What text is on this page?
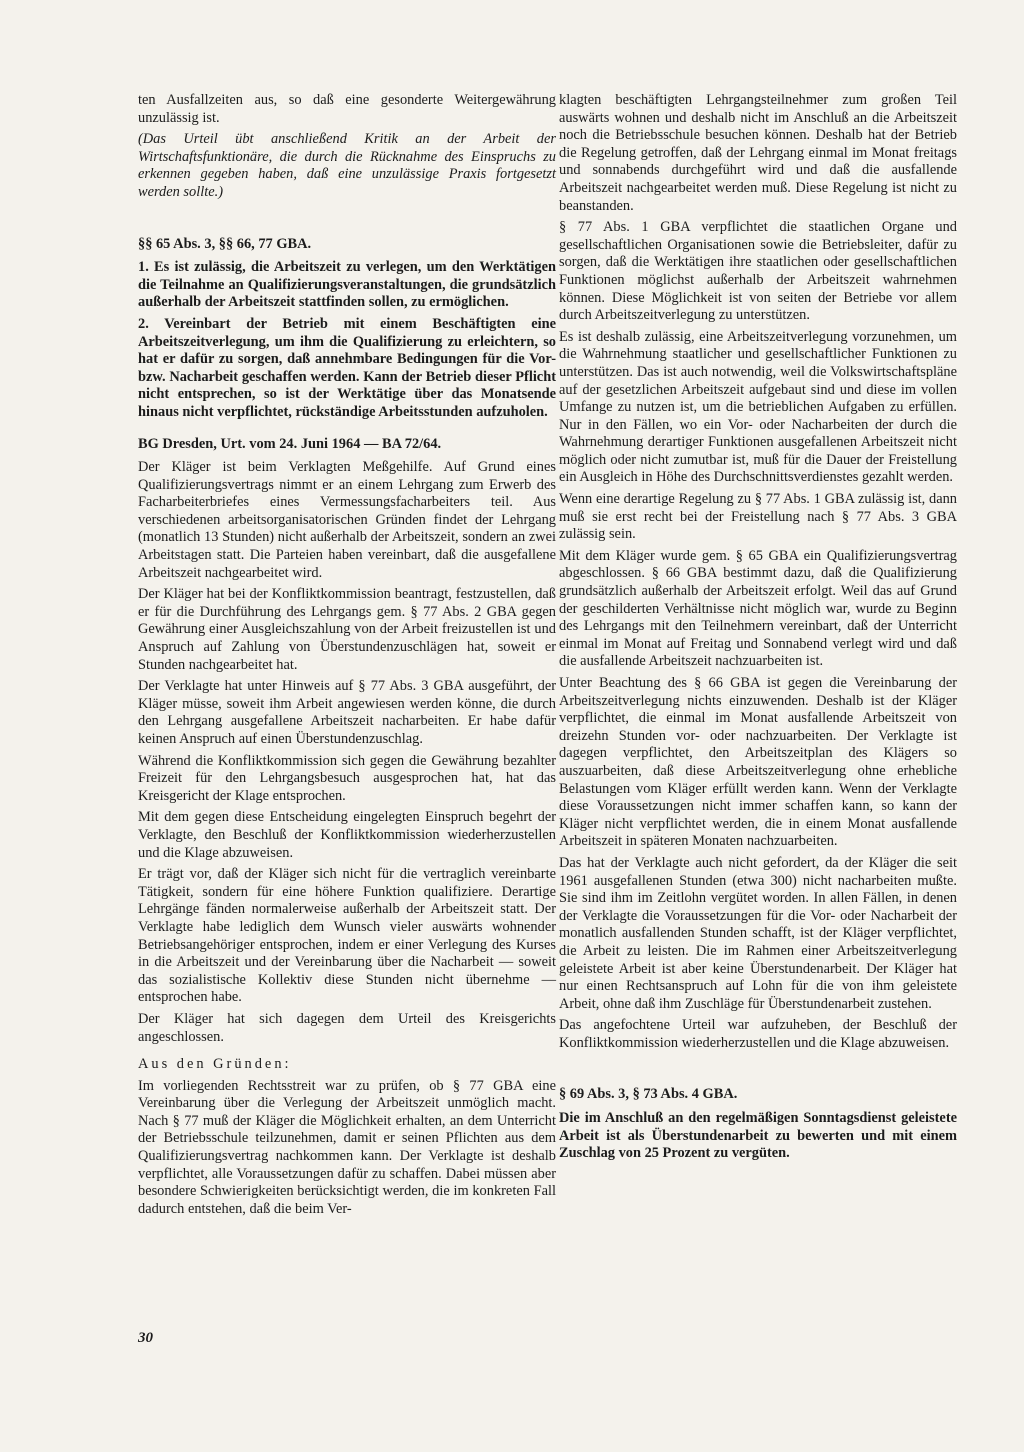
ten Ausfallzeiten aus, so daß eine gesonderte Weitergewährung unzulässig ist.

(Das Urteil übt anschließend Kritik an der Arbeit der Wirtschaftsfunktionäre, die durch die Rücknahme des Einspruchs zu erkennen gegeben haben, daß eine unzulässige Praxis fortgesetzt werden sollte.)

§§ 65 Abs. 3, §§ 66, 77 GBA.

1. Es ist zulässig, die Arbeitszeit zu verlegen, um den Werktätigen die Teilnahme an Qualifizierungsveranstaltungen, die grundsätzlich außerhalb der Arbeitszeit stattfinden sollen, zu ermöglichen.

2. Vereinbart der Betrieb mit einem Beschäftigten eine Arbeitszeitverlegung, um ihm die Qualifizierung zu erleichtern, so hat er dafür zu sorgen, daß annehmbare Bedingungen für die Vor- bzw. Nacharbeit geschaffen werden. Kann der Betrieb dieser Pflicht nicht entsprechen, so ist der Werktätige über das Monatsende hinaus nicht verpflichtet, rückständige Arbeitsstunden aufzuholen.

BG Dresden, Urt. vom 24. Juni 1964 — BA 72/64.

Der Kläger ist beim Verklagten Meßgehilfe. Auf Grund eines Qualifizierungsvertrags nimmt er an einem Lehrgang zum Erwerb des Facharbeiterbriefes eines Vermessungsfacharbeiters teil. Aus verschiedenen arbeitsorganisatorischen Gründen findet der Lehrgang (monatlich 13 Stunden) nicht außerhalb der Arbeitszeit, sondern an zwei Arbeitstagen statt. Die Parteien haben vereinbart, daß die ausgefallene Arbeitszeit nachgearbeitet wird.

Der Kläger hat bei der Konfliktkommission beantragt, festzustellen, daß er für die Durchführung des Lehrgangs gem. § 77 Abs. 2 GBA gegen Gewährung einer Ausgleichszahlung von der Arbeit freizustellen ist und Anspruch auf Zahlung von Überstundenzuschlägen hat, soweit er Stunden nachgearbeitet hat.

Der Verklagte hat unter Hinweis auf § 77 Abs. 3 GBA ausgeführt, der Kläger müsse, soweit ihm Arbeit angewiesen werden könne, die durch den Lehrgang ausgefallene Arbeitszeit nacharbeiten. Er habe dafür keinen Anspruch auf einen Überstundenzuschlag.

Während die Konfliktkommission sich gegen die Gewährung bezahlter Freizeit für den Lehrgangsbesuch ausgesprochen hat, hat das Kreisgericht der Klage entsprochen.

Mit dem gegen diese Entscheidung eingelegten Einspruch begehrt der Verklagte, den Beschluß der Konfliktkommission wiederherzustellen und die Klage abzuweisen.

Er trägt vor, daß der Kläger sich nicht für die vertraglich vereinbarte Tätigkeit, sondern für eine höhere Funktion qualifiziere. Derartige Lehrgänge fänden normalerweise außerhalb der Arbeitszeit statt. Der Verklagte habe lediglich dem Wunsch vieler auswärts wohnender Betriebsangehöriger entsprochen, indem er einer Verlegung des Kurses in die Arbeitszeit und der Vereinbarung über die Nacharbeit — soweit das sozialistische Kollektiv diese Stunden nicht übernehme — entsprochen habe.

Der Kläger hat sich dagegen dem Urteil des Kreisgerichts angeschlossen.

Aus den Gründen:

Im vorliegenden Rechtsstreit war zu prüfen, ob § 77 GBA eine Vereinbarung über die Verlegung der Arbeitszeit unmöglich macht. Nach § 77 muß der Kläger die Möglichkeit erhalten, an dem Unterricht der Betriebsschule teilzunehmen, damit er seinen Pflichten aus dem Qualifizierungsvertrag nachkommen kann. Der Verklagte ist deshalb verpflichtet, alle Voraussetzungen dafür zu schaffen. Dabei müssen aber besondere Schwierigkeiten berücksichtigt werden, die im konkreten Fall dadurch entstehen, daß die beim Ver-

klagten beschäftigten Lehrgangsteilnehmer zum großen Teil auswärts wohnen und deshalb nicht im Anschluß an die Arbeitszeit noch die Betriebsschule besuchen können. Deshalb hat der Betrieb die Regelung getroffen, daß der Lehrgang einmal im Monat freitags und sonnabends durchgeführt wird und daß die ausfallende Arbeitszeit nachgearbeitet werden muß. Diese Regelung ist nicht zu beanstanden.

§ 77 Abs. 1 GBA verpflichtet die staatlichen Organe und gesellschaftlichen Organisationen sowie die Betriebsleiter, dafür zu sorgen, daß die Werktätigen ihre staatlichen oder gesellschaftlichen Funktionen möglichst außerhalb der Arbeitszeit wahrnehmen können. Diese Möglichkeit ist von seiten der Betriebe vor allem durch Arbeitszeitverlegung zu unterstützen.

Es ist deshalb zulässig, eine Arbeitszeitverlegung vorzunehmen, um die Wahrnehmung staatlicher und gesellschaftlicher Funktionen zu unterstützen. Das ist auch notwendig, weil die Volkswirtschaftspläne auf der gesetzlichen Arbeitszeit aufgebaut sind und diese im vollen Umfange zu nutzen ist, um die betrieblichen Aufgaben zu erfüllen. Nur in den Fällen, wo ein Vor- oder Nacharbeiten der durch die Wahrnehmung derartiger Funktionen ausgefallenen Arbeitszeit nicht möglich oder nicht zumutbar ist, muß für die Dauer der Freistellung ein Ausgleich in Höhe des Durchschnittsverdienstes gezahlt werden.

Wenn eine derartige Regelung zu § 77 Abs. 1 GBA zulässig ist, dann muß sie erst recht bei der Freistellung nach § 77 Abs. 3 GBA zulässig sein.

Mit dem Kläger wurde gem. § 65 GBA ein Qualifizierungsvertrag abgeschlossen. § 66 GBA bestimmt dazu, daß die Qualifizierung grundsätzlich außerhalb der Arbeitszeit erfolgt. Weil das auf Grund der geschilderten Verhältnisse nicht möglich war, wurde zu Beginn des Lehrgangs mit den Teilnehmern vereinbart, daß der Unterricht einmal im Monat auf Freitag und Sonnabend verlegt wird und daß die ausfallende Arbeitszeit nachzuarbeiten ist.

Unter Beachtung des § 66 GBA ist gegen die Vereinbarung der Arbeitszeitverlegung nichts einzuwenden. Deshalb ist der Kläger verpflichtet, die einmal im Monat ausfallende Arbeitszeit von dreizehn Stunden vor- oder nachzuarbeiten. Der Verklagte ist dagegen verpflichtet, den Arbeitszeitplan des Klägers so auszuarbeiten, daß diese Arbeitszeitverlegung ohne erhebliche Belastungen vom Kläger erfüllt werden kann. Wenn der Verklagte diese Voraussetzungen nicht immer schaffen kann, so kann der Kläger nicht verpflichtet werden, die in einem Monat ausfallende Arbeitszeit in späteren Monaten nachzuarbeiten.

Das hat der Verklagte auch nicht gefordert, da der Kläger die seit 1961 ausgefallenen Stunden (etwa 300) nicht nacharbeiten mußte. Sie sind ihm im Zeitlohn vergütet worden. In allen Fällen, in denen der Verklagte die Voraussetzungen für die Vor- oder Nacharbeit der monatlich ausfallenden Stunden schafft, ist der Kläger verpflichtet, die Arbeit zu leisten. Die im Rahmen einer Arbeitszeitverlegung geleistete Arbeit ist aber keine Überstundenarbeit. Der Kläger hat nur einen Rechtsanspruch auf Lohn für die von ihm geleistete Arbeit, ohne daß ihm Zuschläge für Überstundenarbeit zustehen.

Das angefochtene Urteil war aufzuheben, der Beschluß der Konfliktkommission wiederherzustellen und die Klage abzuweisen.

§ 69 Abs. 3, § 73 Abs. 4 GBA.

Die im Anschluß an den regelmäßigen Sonntagsdienst geleistete Arbeit ist als Überstundenarbeit zu bewerten und mit einem Zuschlag von 25 Prozent zu vergüten.

30
